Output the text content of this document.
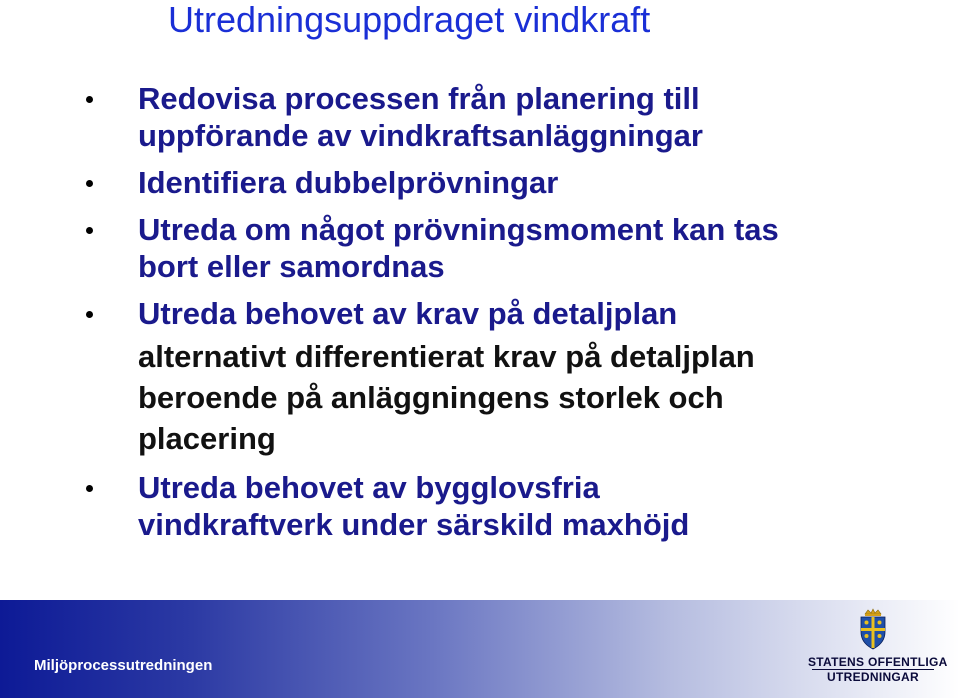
Utredningsuppdraget vindkraft
Redovisa processen från planering till
uppförande av vindkraftsanläggningar
Identifiera dubbelprövningar
Utreda om något prövningsmoment kan tas
bort eller samordnas
Utreda behovet av krav på detaljplan
alternativt differentierat krav på detaljplan
beroende på anläggningens storlek och
placering
Utreda behovet av bygglovsfria
vindkraftverk under särskild maxhöjd
Miljöprocessutredningen	STATENS OFFENTLIGA
UTREDNINGAR
